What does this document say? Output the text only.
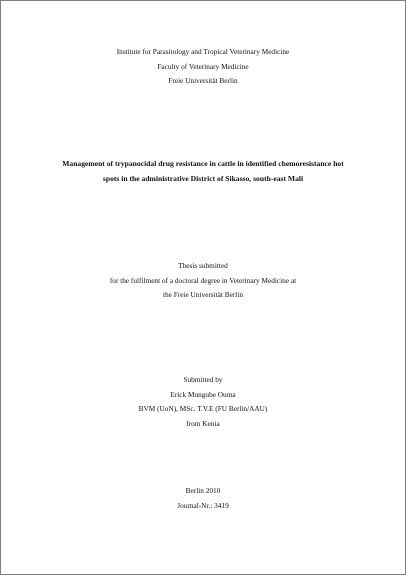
Institute for Parasitology and Tropical Veterinary Medicine
Faculty of Veterinary Medicine
Freie Universität Berlin
Management of trypanocidal drug resistance in cattle in identified chemoresistance hot
spots in the administrative District of Sikasso, south-east Mali
Thesis submitted
for the fulfilment of a doctoral degree in Veterinary Medicine at
the Freie Universität Berlin
Submitted by
Erick Mungube Ouma
BVM (UoN), MSc. T.V.E (FU Berlin/AAU)
from Kenia
Berlin 2010
Journal-Nr.: 3419
